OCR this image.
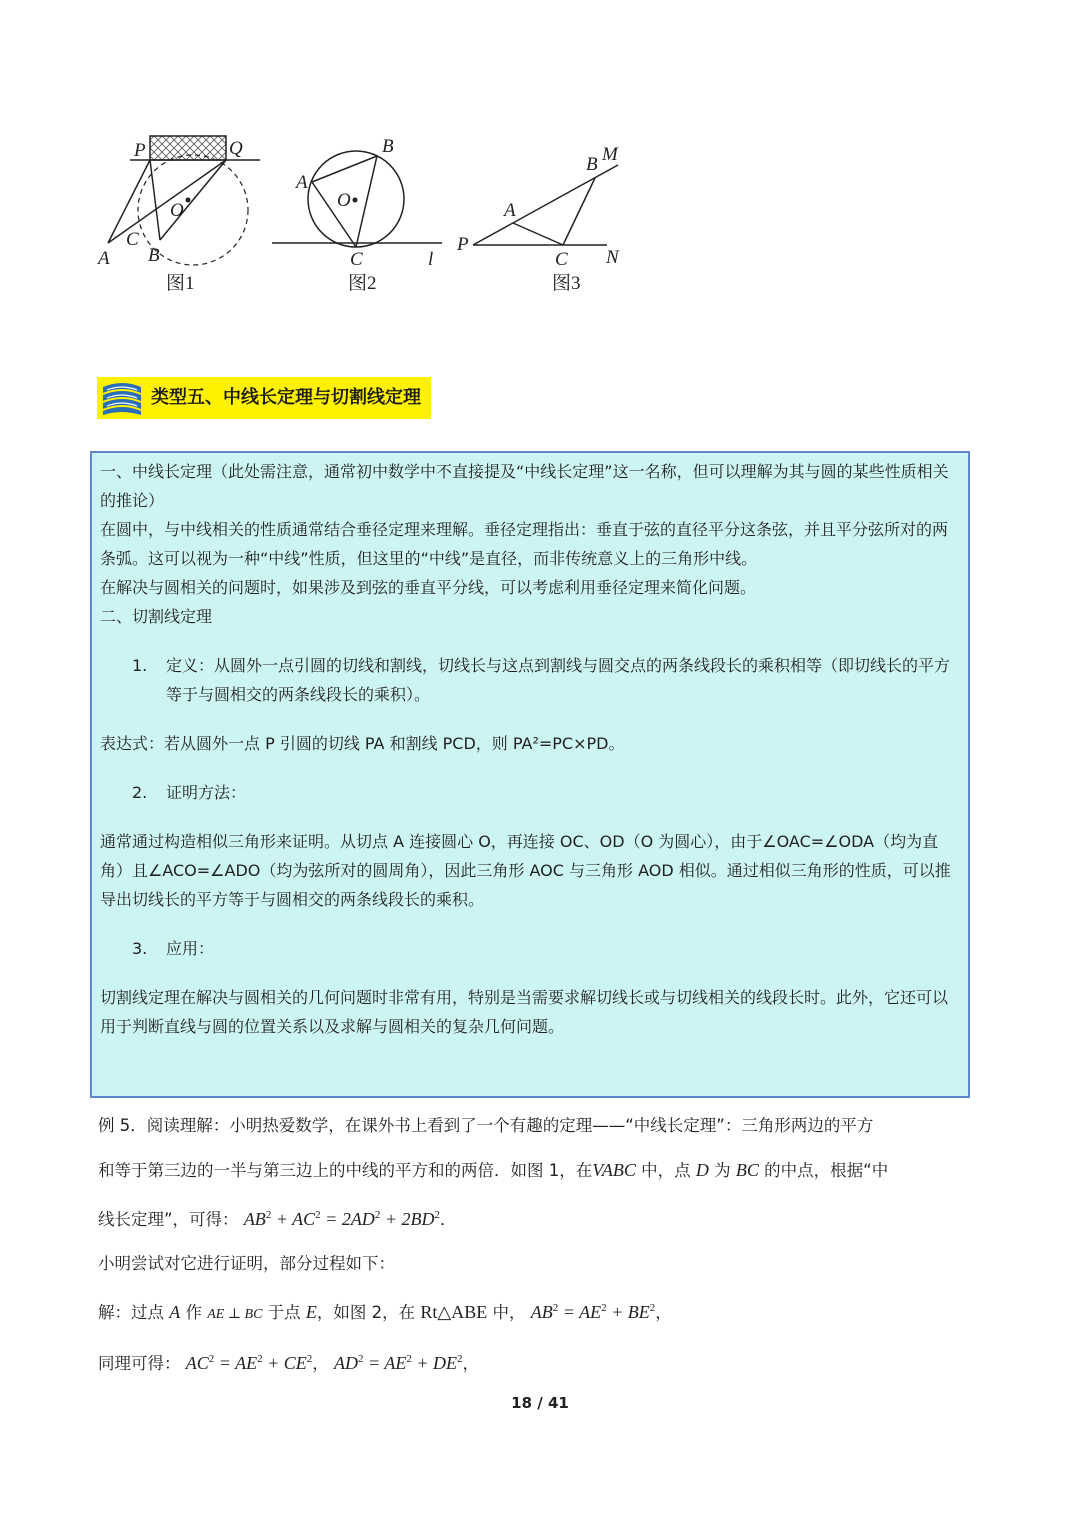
P	Q
O
A B
C
A
B
O
C	l
B M
A
P
C N
图1	图2	图3
类型五、中线长定理与切割线定理

一、中线长定理（此处需注意，通常初中数学中不直接提及“中线长定理”这一名称，但可以理解为其与圆的某些性质相关的推论）

在圆中，与中线相关的性质通常结合垂径定理来理解。垂径定理指出：垂直于弦的直径平分这条弦，并且平分弦所对的两条弧。这可以视为一种“中线”性质，但这里的“中线”是直径，而非传统意义上的三角形中线。

在解决与圆相关的问题时，如果涉及到弦的垂直平分线，可以考虑利用垂径定理来简化问题。

二、切割线定理

1.	定义：从圆外一点引圆的切线和割线，切线长与这点到割线与圆交点的两条线段长的乘积相等（即切线长的平方等于与圆相交的两条线段长的乘积）。

表达式：若从圆外一点 P 引圆的切线 PA 和割线 PCD，则 PA²=PC×PD。

2.	证明方法：

通常通过构造相似三角形来证明。从切点 A 连接圆心 O，再连接 OC、OD（O 为圆心），由于∠OAC=∠ODA（均为直角）且∠ACO=∠ADO（均为弦所对的圆周角），因此三角形 AOC 与三角形 AOD 相似。通过相似三角形的性质，可以推导出切线长的平方等于与圆相交的两条线段长的乘积。

3.	应用：

切割线定理在解决与圆相关的几何问题时非常有用，特别是当需要求解切线长或与切线相关的线段长时。此外，它还可以用于判断直线与圆的位置关系以及求解与圆相关的复杂几何问题。

例 5．阅读理解：小明热爱数学，在课外书上看到了一个有趣的定理——“中线长定理”：三角形两边的平方

和等于第三边的一半与第三边上的中线的平方和的两倍．如图 1，在VABC 中，点 D 为 BC 的中点，根据“中

线长定理”，可得： $AB^2 + AC^2 = 2AD^2 + 2BD^2$．

小明尝试对它进行证明，部分过程如下：

解：过点 A 作 AE ⊥ BC 于点 E，如图 2，在 Rt△ABE 中， $AB^2 = AE^2 + BE^2$，

同理可得： $AC^2 = AE^2 + CE^2$， $AD^2 = AE^2 + DE^2$，

18 / 41
